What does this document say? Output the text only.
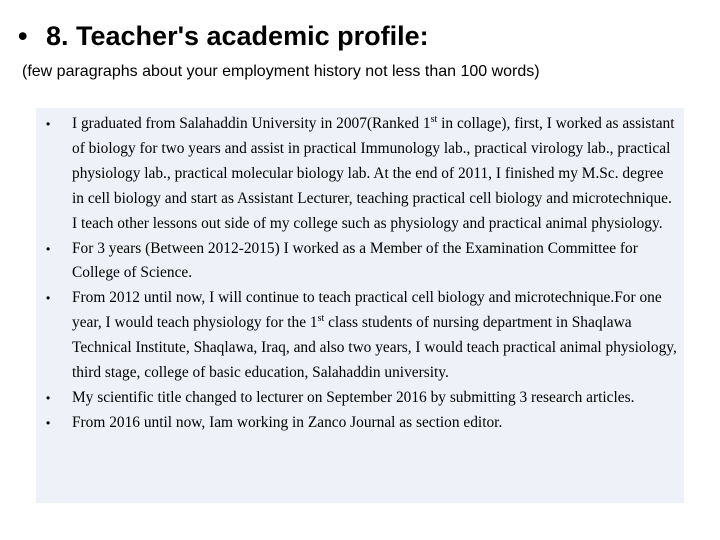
• 8. Teacher's academic profile:
(few paragraphs about your employment history not less than 100 words)
• I graduated from Salahaddin University in 2007(Ranked 1st in collage), first, I worked as assistant of biology for two years and assist in practical Immunology lab., practical virology lab., practical physiology lab., practical molecular biology lab. At the end of 2011, I finished my M.Sc. degree in cell biology and start as Assistant Lecturer, teaching practical cell biology and microtechnique. I teach other lessons out side of my college such as physiology and practical animal physiology.
• For 3 years (Between 2012-2015) I worked as a Member of the Examination Committee for College of Science.
• From 2012 until now, I will continue to teach practical cell biology and microtechnique.For one year, I would teach physiology for the 1st class students of nursing department in Shaqlawa Technical Institute, Shaqlawa, Iraq, and also two years, I would teach practical animal physiology, third stage, college of basic education, Salahaddin university.
• My scientific title changed to lecturer on September 2016 by submitting 3 research articles.
• From 2016 until now, Iam working in Zanco Journal as section editor.
